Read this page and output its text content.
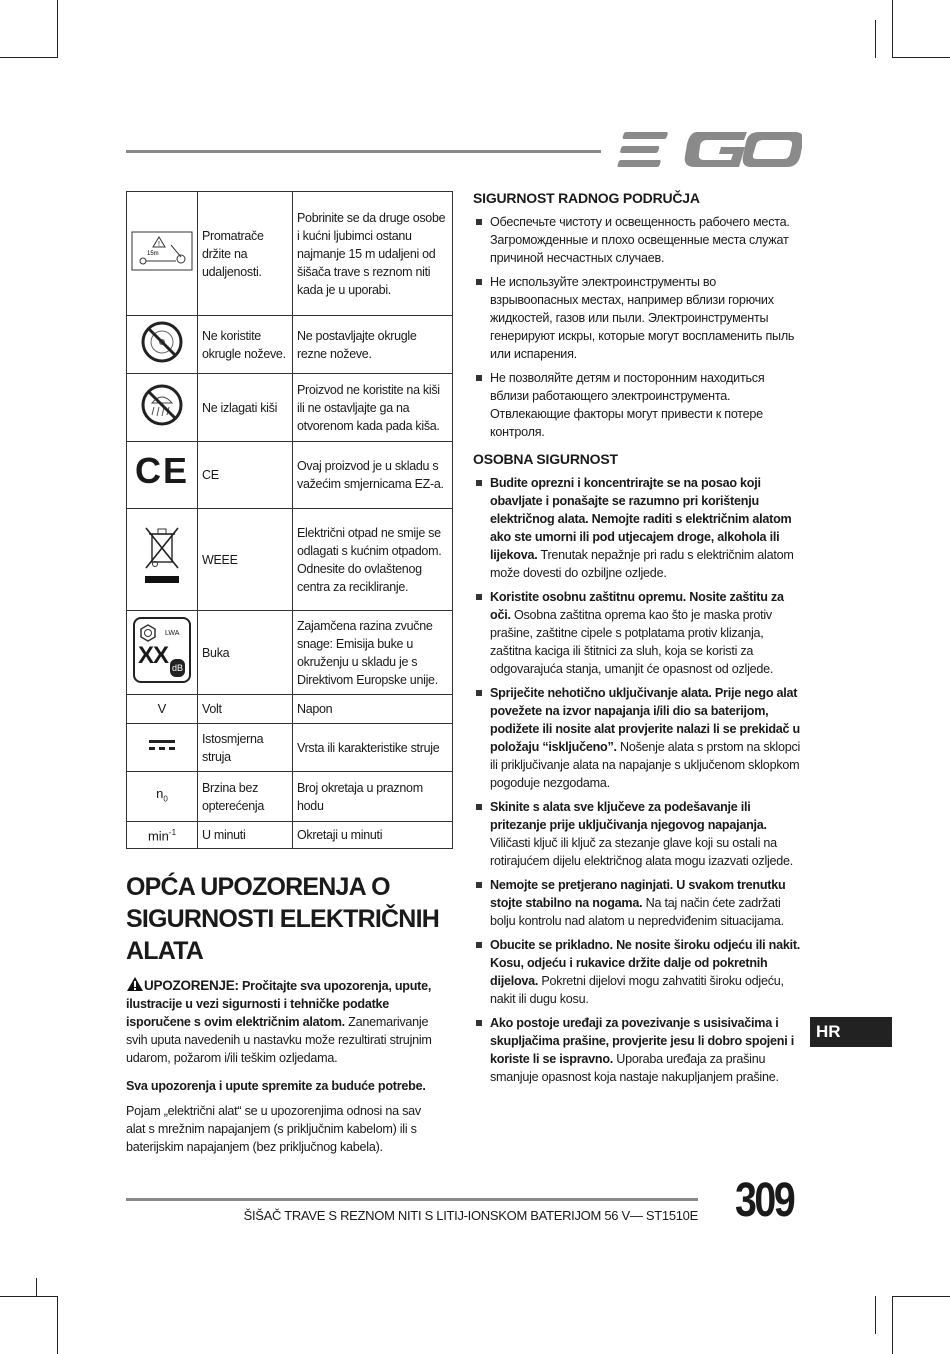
!
15m	Promatrače držite na udaljenosti.	Pobrinite se da druge osobe i kućni ljubimci ostanu najmanje 15 m udaljeni od šišača trave s reznom niti kada je u uporabi.
	Ne koristite okrugle noževe.	Ne postavljajte okrugle rezne noževe.
	Ne izlagati kiši	Proizvod ne koristite na kiši ili ne ostavljajte ga na otvorenom kada pada kiša.
CE	CE	Ovaj proizvod je u skladu s važećim smjernicama EZ-a.
	WEEE	Električni otpad ne smije se odlagati s kućnim otpadom. Odnesite do ovlaštenog centra za recikliranje.

LWA
XX dB	Buka	Zajamčena razina zvučne snage: Emisija buke u okruženju u skladu je s Direktivom Europske unije.
V	Volt	Napon
	Istosmjerna struja	Vrsta ili karakteristike struje
$n_0$	Brzina bez opterećenja	Broj okretaja u praznom hodu
$\min^{-1}$	U minuti	Okretaji u minuti
OPĆA UPOZORENJA O
SIGURNOSTI ELEKTRIČNIH
ALATA
UPOZORENJE: Pročitajte sva upozorenja, upute, ilustracije u vezi sigurnosti i tehničke podatke isporučene s ovim električnim alatom. Zanemarivanje svih uputa navedenih u nastavku može rezultirati strujnim udarom, požarom i/ili teškim ozljedama.
Sva upozorenja i upute spremite za buduće potrebe.
Pojam „električni alat“ se u upozorenjima odnosi na sav alat s mrežnim napajanjem (s priključnim kabelom) ili s baterijskim napajanjem (bez priključnog kabela).
SIGURNOST RADNOG PODRUČJA
Обеспечьте чистоту и освещенность рабочего места. Загроможденные и плохо освещенные места служат причиной несчастных случаев.
Не используйте электроинструменты во взрывоопасных местах, например вблизи горючих жидкостей, газов или пыли. Электроинструменты генерируют искры, которые могут воспламенить пыль или испарения.
Не позволяйте детям и посторонним находиться вблизи работающего электроинструмента. Отвлекающие факторы могут привести к потере контроля.
OSOBNA SIGURNOST
Budite oprezni i koncentrirajte se na posao koji obavljate i ponašajte se razumno pri korištenju električnog alata. Nemojte raditi s električnim alatom ako ste umorni ili pod utjecajem droge, alkohola ili lijekova. Trenutak nepažnje pri radu s električnim alatom može dovesti do ozbiljne ozljede.
Koristite osobnu zaštitnu opremu. Nosite zaštitu za oči. Osobna zaštitna oprema kao što je maska protiv prašine, zaštitne cipele s potplatama protiv klizanja, zaštitna kaciga ili štitnici za sluh, koja se koristi za odgovarajuća stanja, umanjit će opasnost od ozljede.
Spriječite nehotično uključivanje alata. Prije nego alat povežete na izvor napajanja i/ili dio sa baterijom, podižete ili nosite alat provjerite nalazi li se prekidač u položaju “isključeno”. Nošenje alata s prstom na sklopci ili priključivanje alata na napajanje s uključenom sklopkom pogoduje nezgodama.
Skinite s alata sve ključeve za podešavanje ili pritezanje prije uključivanja njegovog napajanja. Viličasti ključ ili ključ za stezanje glave koji su ostali na rotirajućem dijelu električnog alata mogu izazvati ozljede.
Nemojte se pretjerano naginjati. U svakom trenutku stojte stabilno na nogama. Na taj način ćete zadržati bolju kontrolu nad alatom u nepredviđenim situacijama.
Obucite se prikladno. Ne nosite široku odjeću ili nakit. Kosu, odjeću i rukavice držite dalje od pokretnih dijelova. Pokretni dijelovi mogu zahvatiti široku odjeću, nakit ili dugu kosu.
Ako postoje uređaji za povezivanje s usisivačima i skupljačima prašine, provjerite jesu li dobro spojeni i koriste li se ispravno. Uporaba uređaja za prašinu smanjuje opasnost koja nastaje nakupljanjem prašine.
HR
ŠIŠAČ TRAVE S REZNOM NITI S LITIJ-IONSKOM BATERIJOM 56 V— ST1510E 309
